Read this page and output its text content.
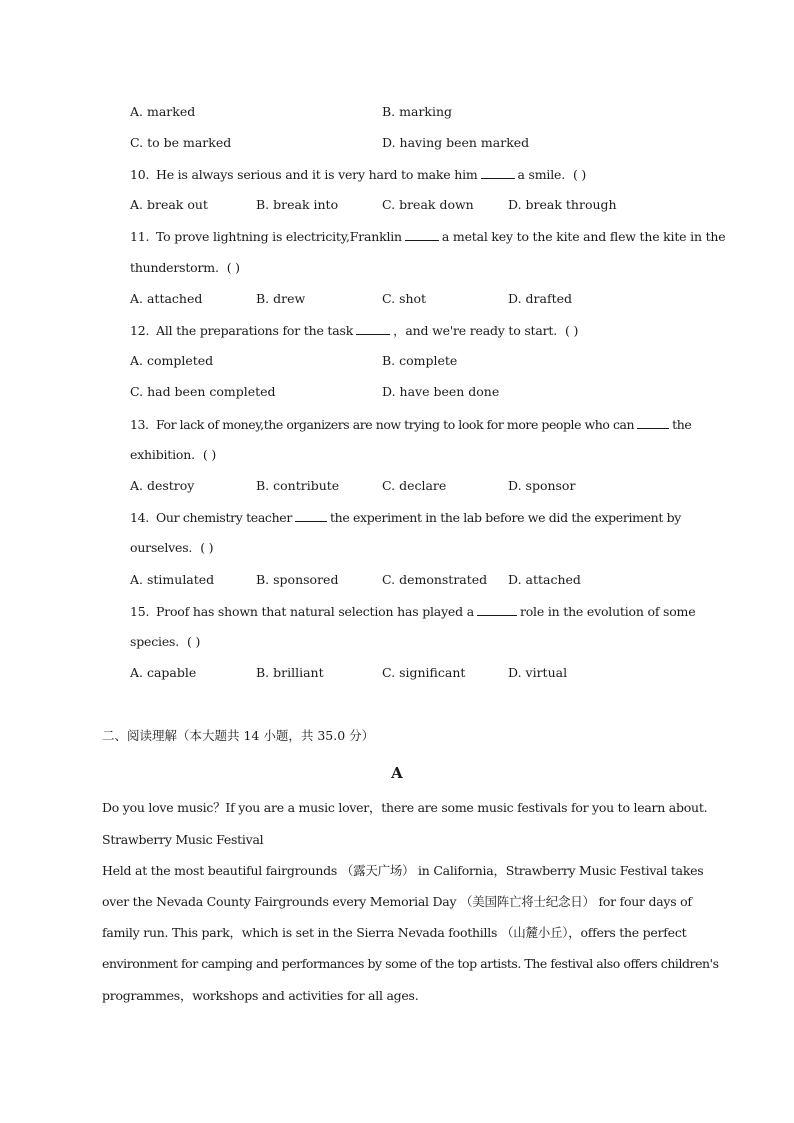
A. marked	B. marking
C. to be marked	D. having been marked
10. He is always serious and it is very hard to make him	a smile. ( )
A. break out	B. break into	C. break down	D. break through
11. To prove lightning is electricity,Franklin	a metal key to the kite and flew the kite in the
thunderstorm. ( )
A. attached	B. drew	C. shot	D. drafted
12. All the preparations for the task	，and we're ready to start. ( )
A. completed	B. complete
C. had been completed	D. have been done
13. For lack of money,the organizers are now trying to look for more people who can	the
exhibition. ( )
A. destroy	B. contribute	C. declare	D. sponsor
14. Our chemistry teacher	the experiment in the lab before we did the experiment by
ourselves. ( )
A. stimulated	B. sponsored	C. demonstrated D. attached
15. Proof has shown that natural selection has played a	role in the evolution of some
species. ( )
A. capable	B. brilliant	C. significant	D. virtual
二、阅读理解（本大题共 14 小题，共 35.0 分）
A
Do you love music？If you are a music lover，there are some music festivals for you to learn about.
Strawberry Music Festival
Held at the most beautiful fairgrounds （露天广场） in California，Strawberry Music Festival takes
over the Nevada County Fairgrounds every Memorial Day （美国阵亡将士纪念日） for four days of
family run. This park，which is set in the Sierra Nevada foothills （山麓小丘），offers the perfect
environment for camping and performances by some of the top artists. The festival also offers children's
programmes，workshops and activities for all ages.
